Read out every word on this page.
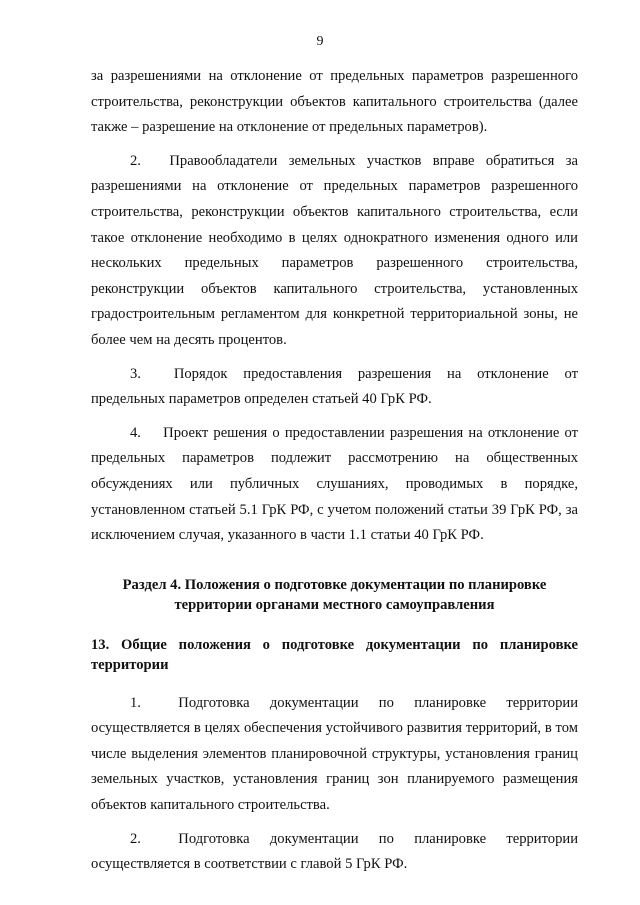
9

за разрешениями на отклонение от предельных параметров разрешенного строительства, реконструкции объектов капитального строительства (далее также – разрешение на отклонение от предельных параметров).

2. Правообладатели земельных участков вправе обратиться за разрешениями на отклонение от предельных параметров разрешенного строительства, реконструкции объектов капитального строительства, если такое отклонение необходимо в целях однократного изменения одного или нескольких предельных параметров разрешенного строительства, реконструкции объектов капитального строительства, установленных градостроительным регламентом для конкретной территориальной зоны, не более чем на десять процентов.

3. Порядок предоставления разрешения на отклонение от предельных параметров определен статьей 40 ГрК РФ.

4. Проект решения о предоставлении разрешения на отклонение от предельных параметров подлежит рассмотрению на общественных обсуждениях или публичных слушаниях, проводимых в порядке, установленном статьей 5.1 ГрК РФ, с учетом положений статьи 39 ГрК РФ, за исключением случая, указанного в части 1.1 статьи 40 ГрК РФ.

Раздел 4. Положения о подготовке документации по планировке
территории органами местного самоуправления
13. Общие положения о подготовке документации по планировке территории

1.	Подготовка документации по планировке территории осуществляется в целях обеспечения устойчивого развития территорий, в том числе выделения элементов планировочной структуры, установления границ земельных участков, установления границ зон планируемого размещения объектов капитального строительства.

2.	Подготовка документации по планировке территории осуществляется в соответствии с главой 5 ГрК РФ.
